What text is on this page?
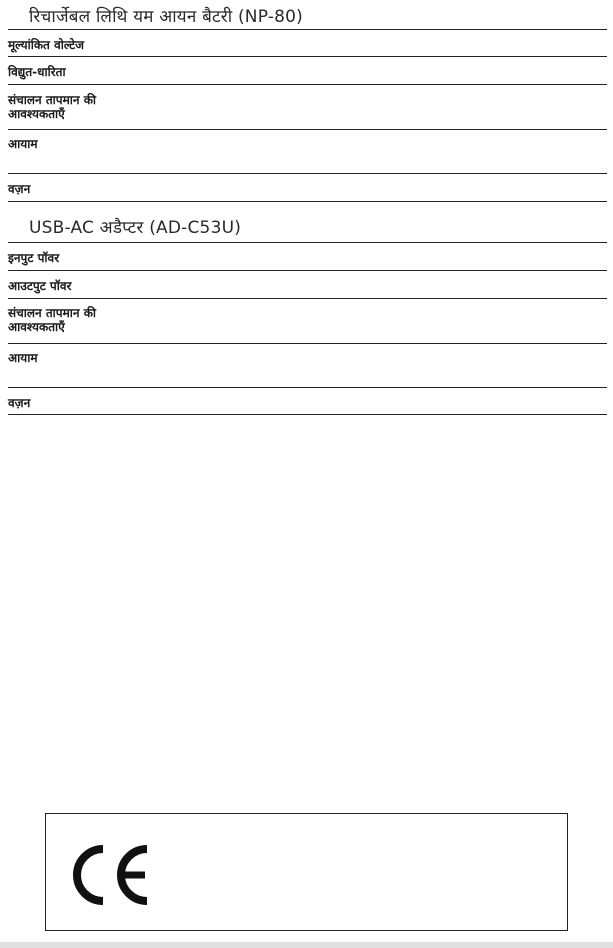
रिचार्जेबल लिथि यम आयन बैटरी (NP-80)
मूल्यांकित वोल्टेज
विद्युत-धारिता
संचालन तापमान की
आवश्यकताएँ
आयाम
वज़न
USB-AC अडैप्टर (AD-C53U)
इनपुट पॉवर
आउटपुट पॉवर
संचालन तापमान की
आवश्यकताएँ
आयाम
वज़न
